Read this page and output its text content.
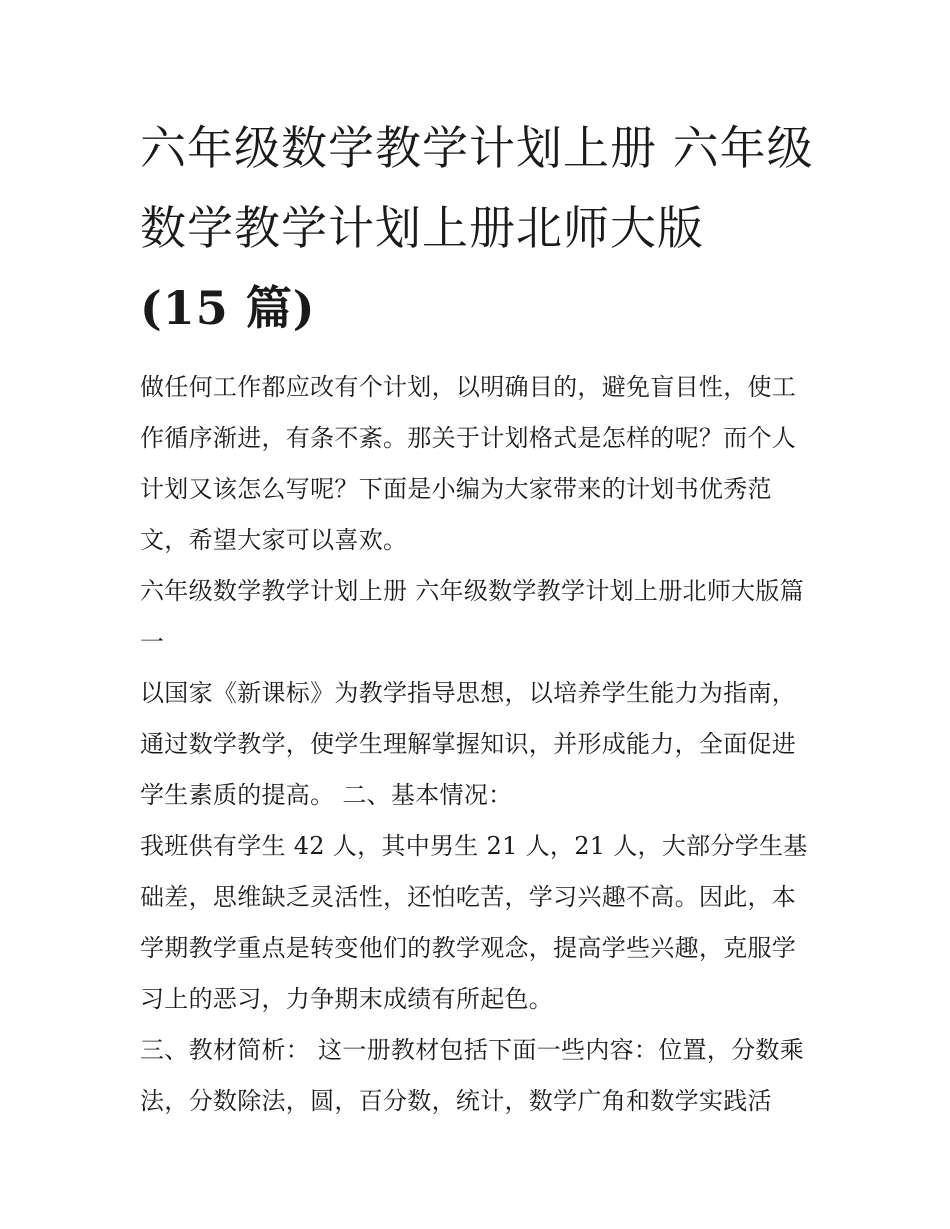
六年级数学教学计划上册 六年级数学教学计划上册北师大版
(15 篇)

做任何工作都应改有个计划，以明确目的，避免盲目性，使工作循序渐进，有条不紊。那关于计划格式是怎样的呢？而个人计划又该怎么写呢？下面是小编为大家带来的计划书优秀范文，希望大家可以喜欢。

六年级数学教学计划上册 六年级数学教学计划上册北师大版篇一

以国家《新课标》为教学指导思想，以培养学生能力为指南，通过数学教学，使学生理解掌握知识，并形成能力，全面促进学生素质的提高。 二、基本情况：

我班供有学生 42 人，其中男生 21 人，21 人，大部分学生基础差，思维缺乏灵活性，还怕吃苦，学习兴趣不高。因此，本学期教学重点是转变他们的教学观念，提高学些兴趣，克服学习上的恶习，力争期末成绩有所起色。

三、教材简析： 这一册教材包括下面一些内容：位置，分数乘法，分数除法，圆，百分数，统计，数学广角和数学实践活
